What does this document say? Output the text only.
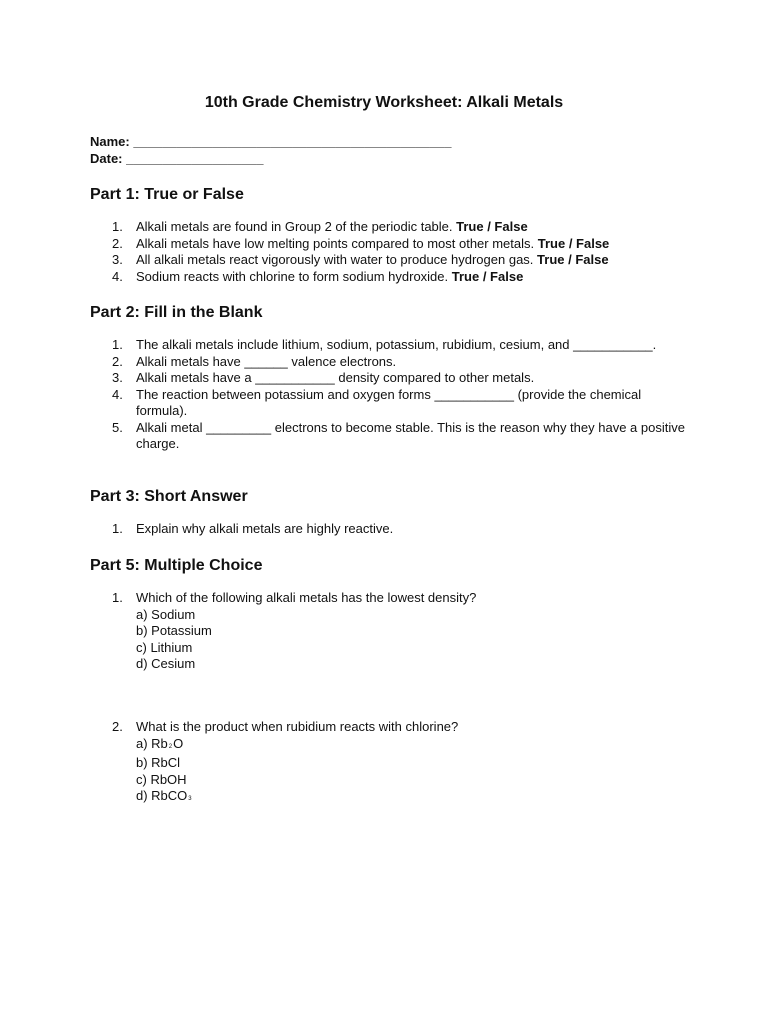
10th Grade Chemistry Worksheet: Alkali Metals
Name: ____________________________________________
Date: ___________________
Part 1: True or False
1. Alkali metals are found in Group 2 of the periodic table. True / False
2. Alkali metals have low melting points compared to most other metals. True / False
3. All alkali metals react vigorously with water to produce hydrogen gas. True / False
4. Sodium reacts with chlorine to form sodium hydroxide. True / False
Part 2: Fill in the Blank
1. The alkali metals include lithium, sodium, potassium, rubidium, cesium, and ___________.
2. Alkali metals have ______ valence electrons.
3. Alkali metals have a ___________ density compared to other metals.
4. The reaction between potassium and oxygen forms ___________ (provide the chemical formula).
5. Alkali metal _________ electrons to become stable. This is the reason why they have a positive charge.
Part 3: Short Answer
1. Explain why alkali metals are highly reactive.
Part 5: Multiple Choice
1. Which of the following alkali metals has the lowest density?
a) Sodium
b) Potassium
c) Lithium
d) Cesium
2. What is the product when rubidium reacts with chlorine?
a) Rb2O
b) RbCl
c) RbOH
d) RbCO3
